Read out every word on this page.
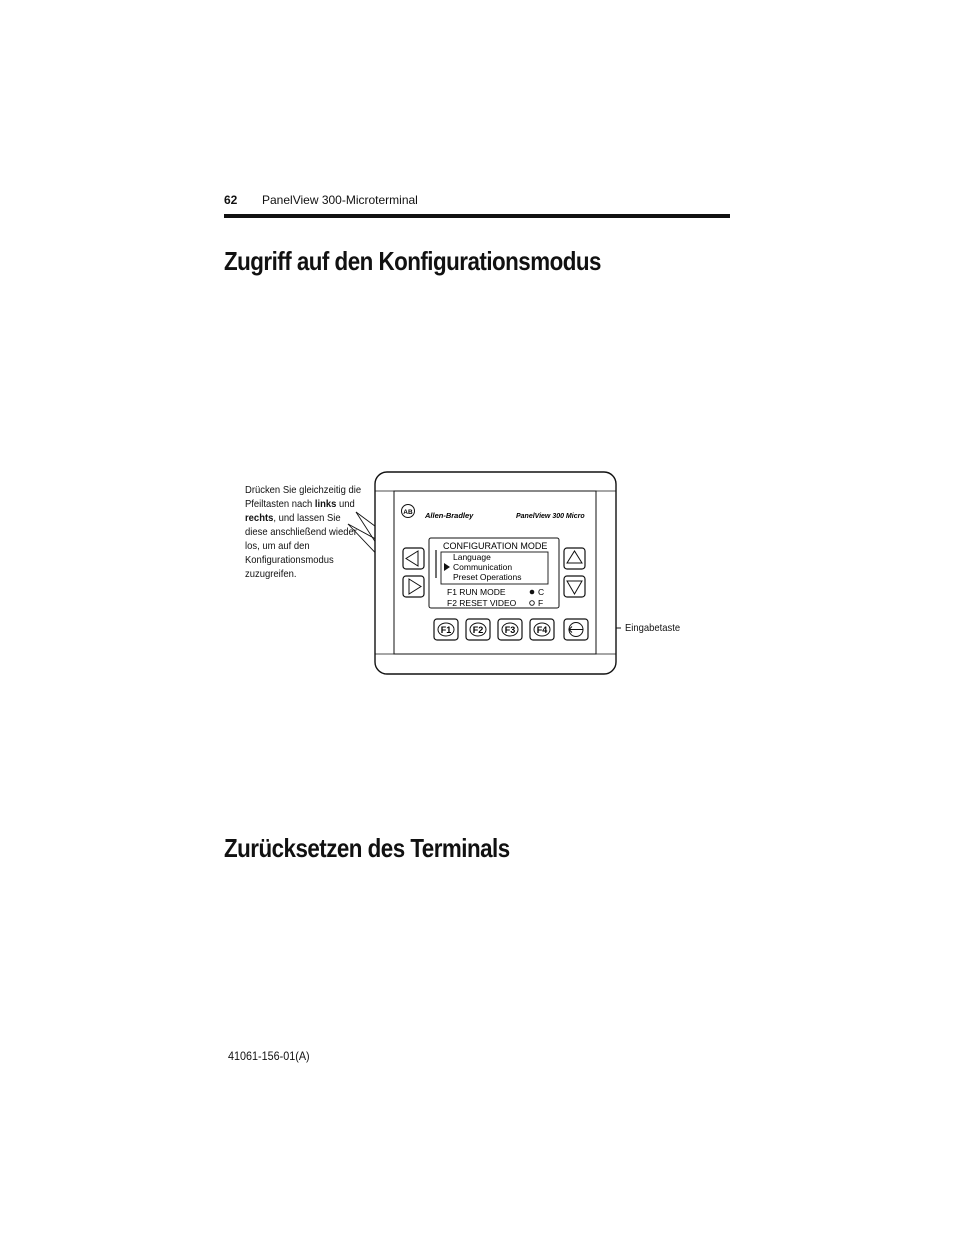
62 PanelView 300-Microterminal
Zugriff auf den Konfigurationsmodus
Drücken Sie gleichzeitig die Pfeiltasten nach links und rechts, und lassen Sie diese anschließend wieder los, um auf den Konfigurationsmodus zuzugreifen.
AB Allen-Bradley	PanelView 300 Micro
CONFIGURATION MODE
Language
Communication
Preset Operations
F1 RUN MODE
F2 RESET VIDEO
C
F
F1 F2 F3 F4	Eingabetaste
Zurücksetzen des Terminals
41061-156-01(A)
